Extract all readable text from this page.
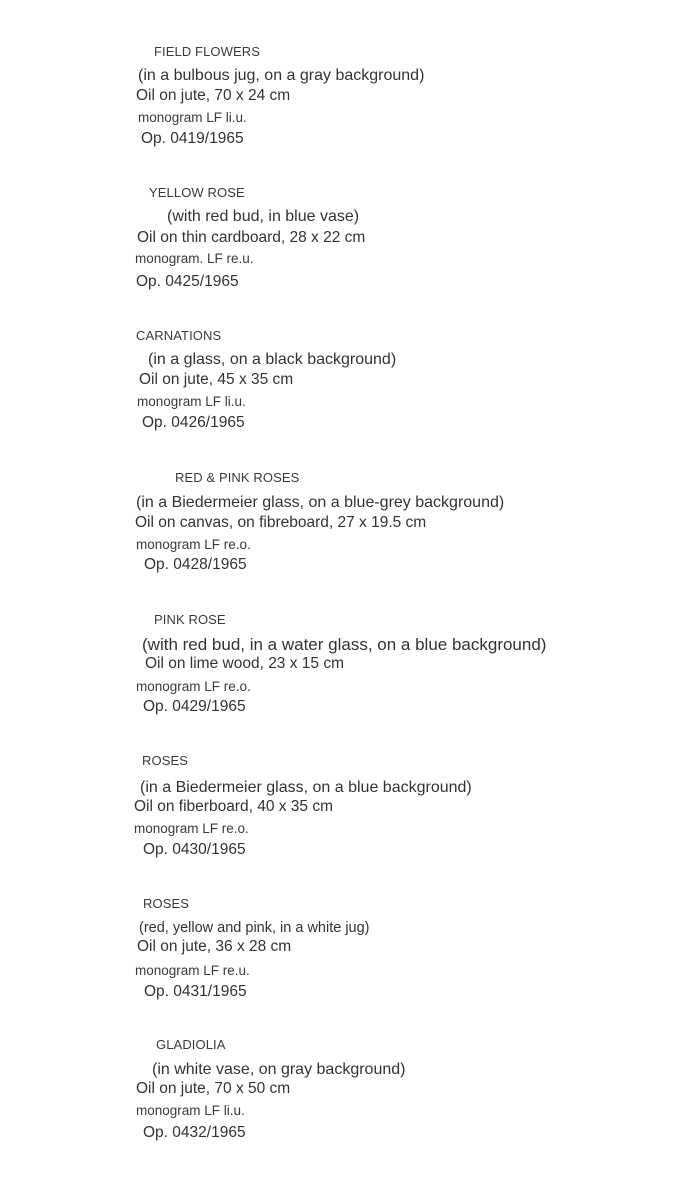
FIELD FLOWERS
(in a bulbous jug, on a gray background)
Oil on jute, 70 x 24 cm
monogram LF li.u.
Op. 0419/1965
YELLOW ROSE
(with red bud, in blue vase)
Oil on thin cardboard, 28 x 22 cm
monogram. LF re.u.
Op. 0425/1965
CARNATIONS
(in a glass, on a black background)
Oil on jute, 45 x 35 cm
monogram LF li.u.
Op. 0426/1965
RED & PINK ROSES
(in a Biedermeier glass, on a blue-grey background)
Oil on canvas, on fibreboard, 27 x 19.5 cm
monogram LF re.o.
Op. 0428/1965
PINK ROSE
(with red bud, in a water glass, on a blue background)
Oil on lime wood, 23 x 15 cm
monogram LF re.o.
Op. 0429/1965
ROSES
(in a Biedermeier glass, on a blue background)
Oil on fiberboard, 40 x 35 cm
monogram LF re.o.
Op. 0430/1965
ROSES
(red, yellow and pink, in a white jug)
Oil on jute, 36 x 28 cm
monogram LF re.u.
Op. 0431/1965
GLADIOLIA
(in white vase, on gray background)
Oil on jute, 70 x 50 cm
monogram LF li.u.
Op. 0432/1965
